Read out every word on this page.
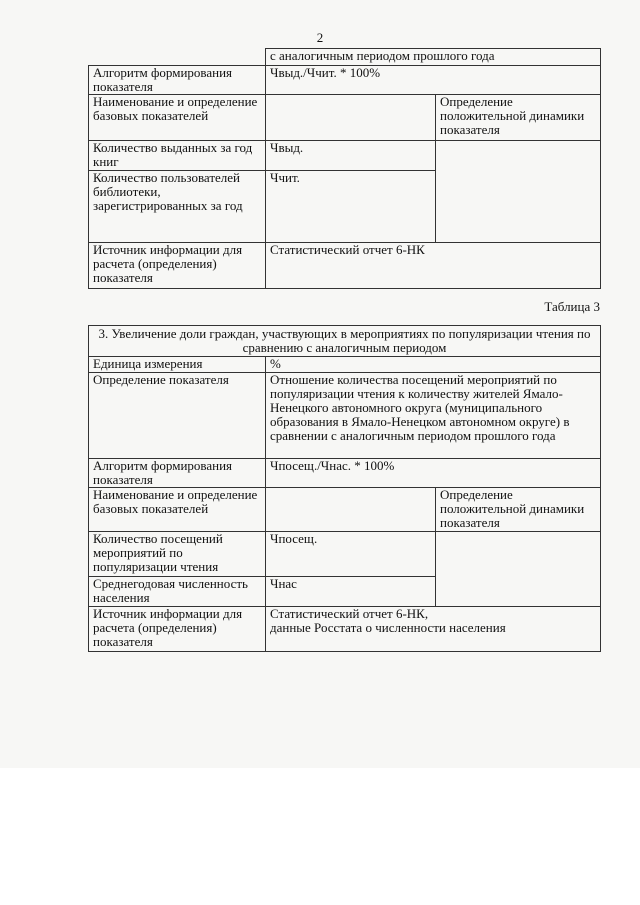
2
	с аналогичным периодом прошлого года	
Алгоритм формирования показателя	Чвыд./Ччит. * 100%	
Наименование и определение базовых показателей		Определение положительной динамики показателя
Количество выданных за год книг	Чвыд.	
Количество пользователей библиотеки, зарегистрированных за год	Ччит.	
Источник информации для расчета (определения) показателя	Статистический отчет 6-НК	
Таблица 3
3. Увеличение доли граждан, участвующих в мероприятиях по популяризации чтения по сравнению с аналогичным периодом		
Единица измерения	%	
Определение показателя	Отношение количества посещений мероприятий по популяризации чтения к количеству жителей Ямало-Ненецкого автономного округа (муниципального образования в Ямало-Ненецком автономном округе) в сравнении с аналогичным периодом прошлого года	
Алгоритм формирования показателя	Чпосещ./Чнас. * 100%	
Наименование и определение базовых показателей		Определение положительной динамики показателя
Количество посещений мероприятий по популяризации чтения	Чпосещ.	
Среднегодовая численность населения	Чнас	
Источник информации для расчета (определения) показателя	Статистический отчет 6-НК,
данные Росстата о численности населения	
